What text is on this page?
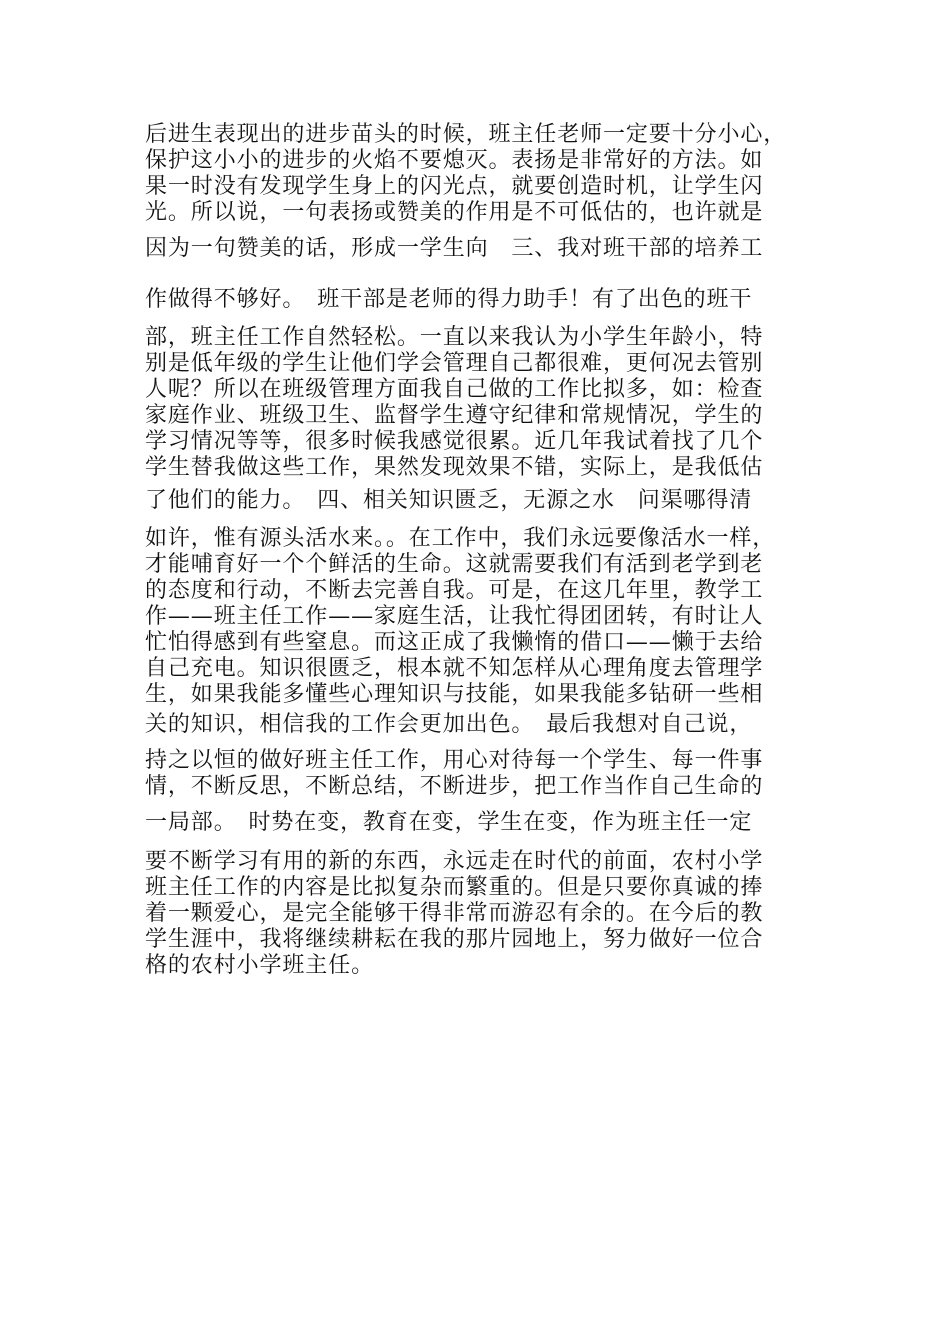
后进生表现出的进步苗头的时候，班主任老师一定要十分小心，
保护这小小的进步的火焰不要熄灭。表扬是非常好的方法。如
果一时没有发现学生身上的闪光点，就要创造时机，让学生闪
光。所以说，一句表扬或赞美的作用是不可低估的，也许就是
因为一句赞美的话，形成一学生向　三、我对班干部的培养工
作做得不够好。　班干部是老师的得力助手！有了出色的班干
部，班主任工作自然轻松。一直以来我认为小学生年龄小，特
别是低年级的学生让他们学会管理自己都很难，更何况去管别
人呢？所以在班级管理方面我自己做的工作比拟多，如：检查
家庭作业、班级卫生、监督学生遵守纪律和常规情况，学生的
学习情况等等，很多时候我感觉很累。近几年我试着找了几个
学生替我做这些工作，果然发现效果不错，实际上，是我低估
了他们的能力。　四、相关知识匮乏，无源之水　问渠哪得清
如许，惟有源头活水来。。在工作中，我们永远要像活水一样，
才能哺育好一个个鲜活的生命。这就需要我们有活到老学到老
的态度和行动，不断去完善自我。可是，在这几年里，教学工
作——班主任工作——家庭生活，让我忙得团团转，有时让人
忙怕得感到有些窒息。而这正成了我懒惰的借口——懒于去给
自己充电。知识很匮乏，根本就不知怎样从心理角度去管理学
生，如果我能多懂些心理知识与技能，如果我能多钻研一些相
关的知识，相信我的工作会更加出色。　最后我想对自己说，
持之以恒的做好班主任工作，用心对待每一个学生、每一件事
情，不断反思，不断总结，不断进步，把工作当作自己生命的
一局部。　时势在变，教育在变，学生在变，作为班主任一定
要不断学习有用的新的东西，永远走在时代的前面，农村小学
班主任工作的内容是比拟复杂而繁重的。但是只要你真诚的捧
着一颗爱心，是完全能够干得非常而游忍有余的。在今后的教
学生涯中，我将继续耕耘在我的那片园地上，努力做好一位合
格的农村小学班主任。
